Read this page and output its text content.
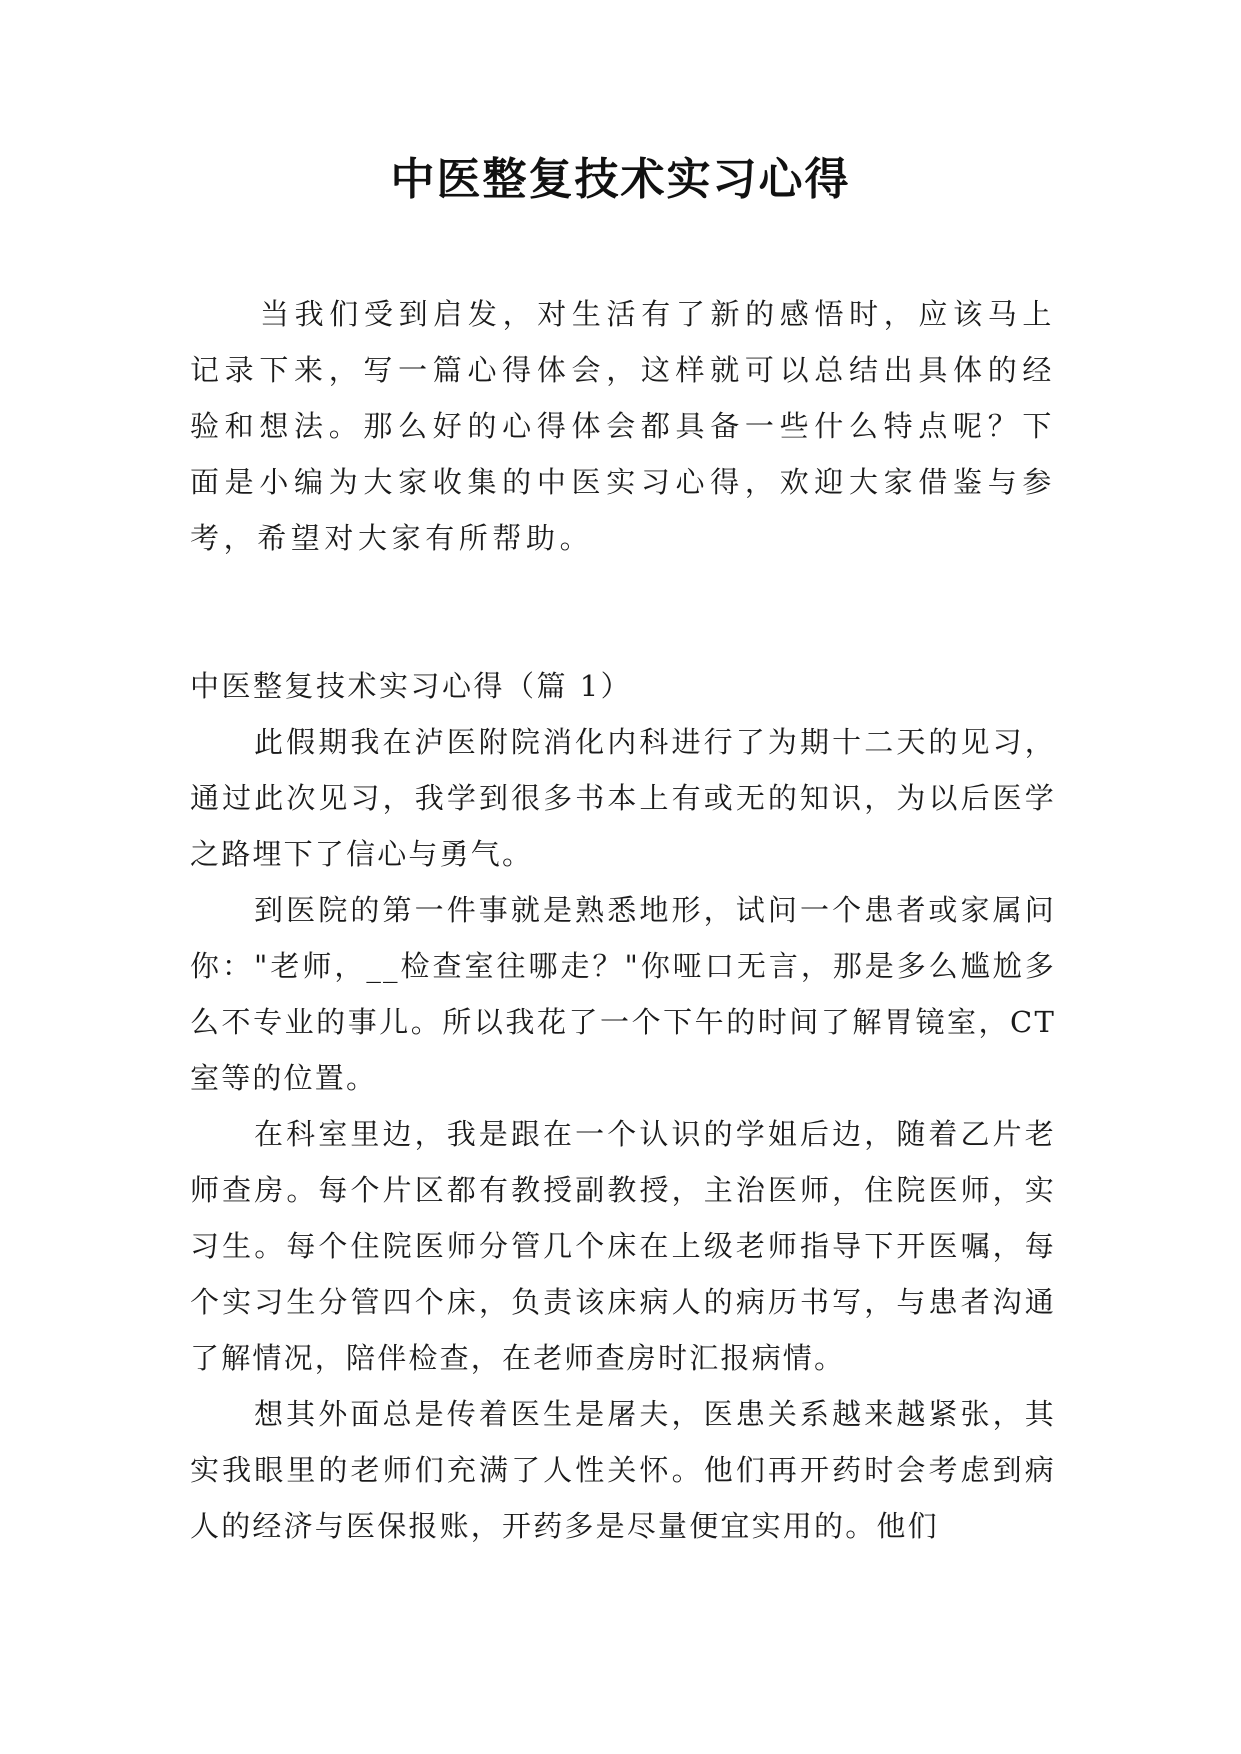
中医整复技术实习心得

当我们受到启发，对生活有了新的感悟时，应该马上记录下来，写一篇心得体会，这样就可以总结出具体的经验和想法。那么好的心得体会都具备一些什么特点呢？下面是小编为大家收集的中医实习心得，欢迎大家借鉴与参考，希望对大家有所帮助。

中医整复技术实习心得（篇 1）

此假期我在泸医附院消化内科进行了为期十二天的见习，通过此次见习，我学到很多书本上有或无的知识，为以后医学之路埋下了信心与勇气。

到医院的第一件事就是熟悉地形，试问一个患者或家属问你："老师，__检查室往哪走？"你哑口无言，那是多么尴尬多么不专业的事儿。所以我花了一个下午的时间了解胃镜室，CT 室等的位置。

在科室里边，我是跟在一个认识的学姐后边，随着乙片老师查房。每个片区都有教授副教授，主治医师，住院医师，实习生。每个住院医师分管几个床在上级老师指导下开医嘱，每个实习生分管四个床，负责该床病人的病历书写，与患者沟通了解情况，陪伴检查，在老师查房时汇报病情。

想其外面总是传着医生是屠夫，医患关系越来越紧张，其实我眼里的老师们充满了人性关怀。他们再开药时会考虑到病人的经济与医保报账，开药多是尽量便宜实用的。他们
